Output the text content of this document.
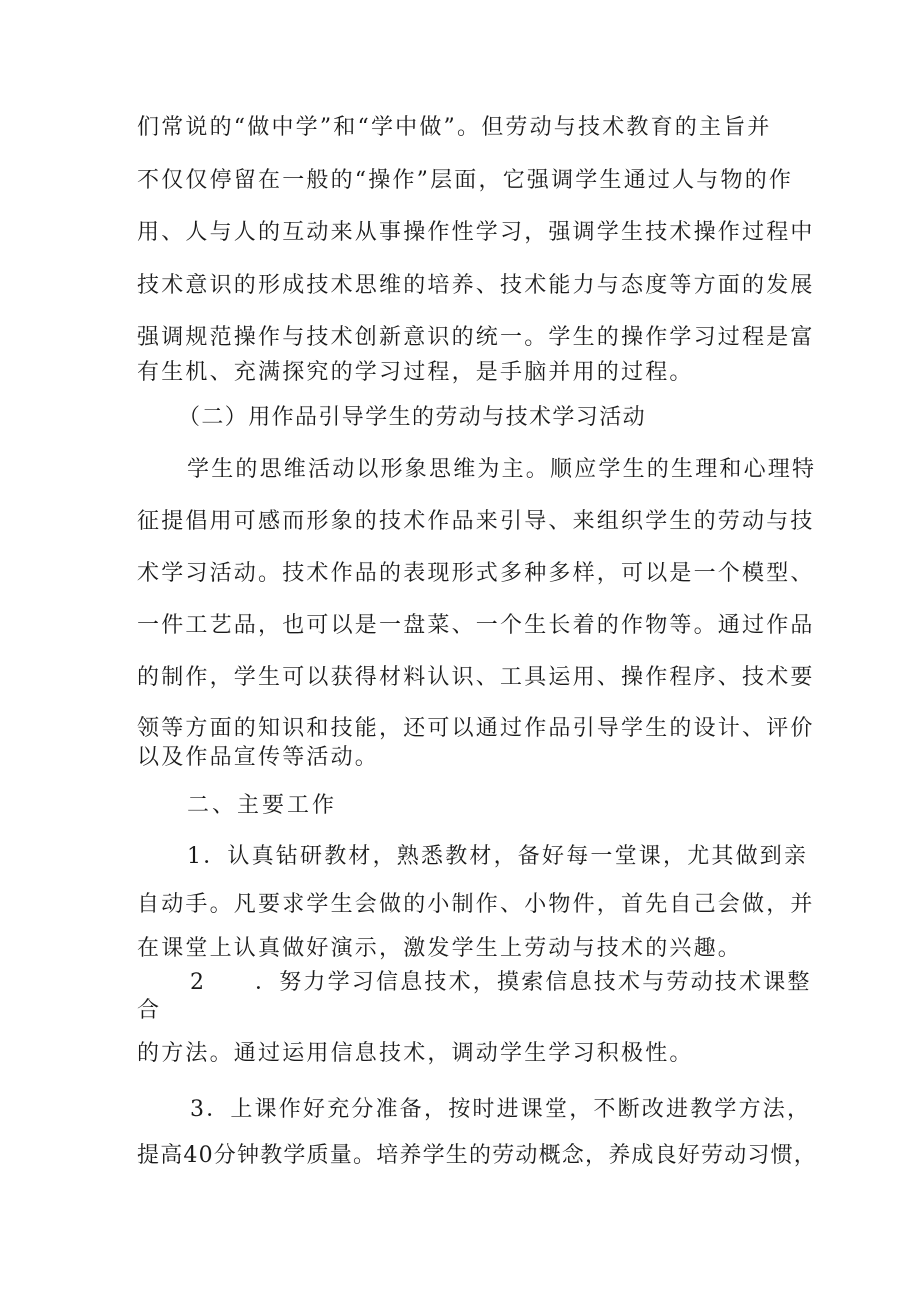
们常说的“做中学”和“学中做”。但劳动与技术教育的主旨并
不仅仅停留在一般的“操作”层面，它强调学生通过人与物的作
用、人与人的互动来从事操作性学习，强调学生技术操作过程中
技术意识的形成技术思维的培养、技术能力与态度等方面的发展
强调规范操作与技术创新意识的统一。学生的操作学习过程是富
有生机、充满探究的学习过程，是手脑并用的过程。
（二）用作品引导学生的劳动与技术学习活动
学生的思维活动以形象思维为主。顺应学生的生理和心理特
征提倡用可感而形象的技术作品来引导、来组织学生的劳动与技
术学习活动。技术作品的表现形式多种多样，可以是一个模型、
一件工艺品，也可以是一盘菜、一个生长着的作物等。通过作品
的制作，学生可以获得材料认识、工具运用、操作程序、技术要
领等方面的知识和技能，还可以通过作品引导学生的设计、评价
以及作品宣传等活动。
二、主要工作
1．认真钻研教材，熟悉教材，备好每一堂课，尤其做到亲
自动手。凡要求学生会做的小制作、小物件，首先自己会做，并
在课堂上认真做好演示，激发学生上劳动与技术的兴趣。
2	．努力学习信息技术，摸索信息技术与劳动技术课整
合
的方法。通过运用信息技术，调动学生学习积极性。
3．上课作好充分准备，按时进课堂，不断改进教学方法，
提高40分钟教学质量。培养学生的劳动概念，养成良好劳动习惯，
